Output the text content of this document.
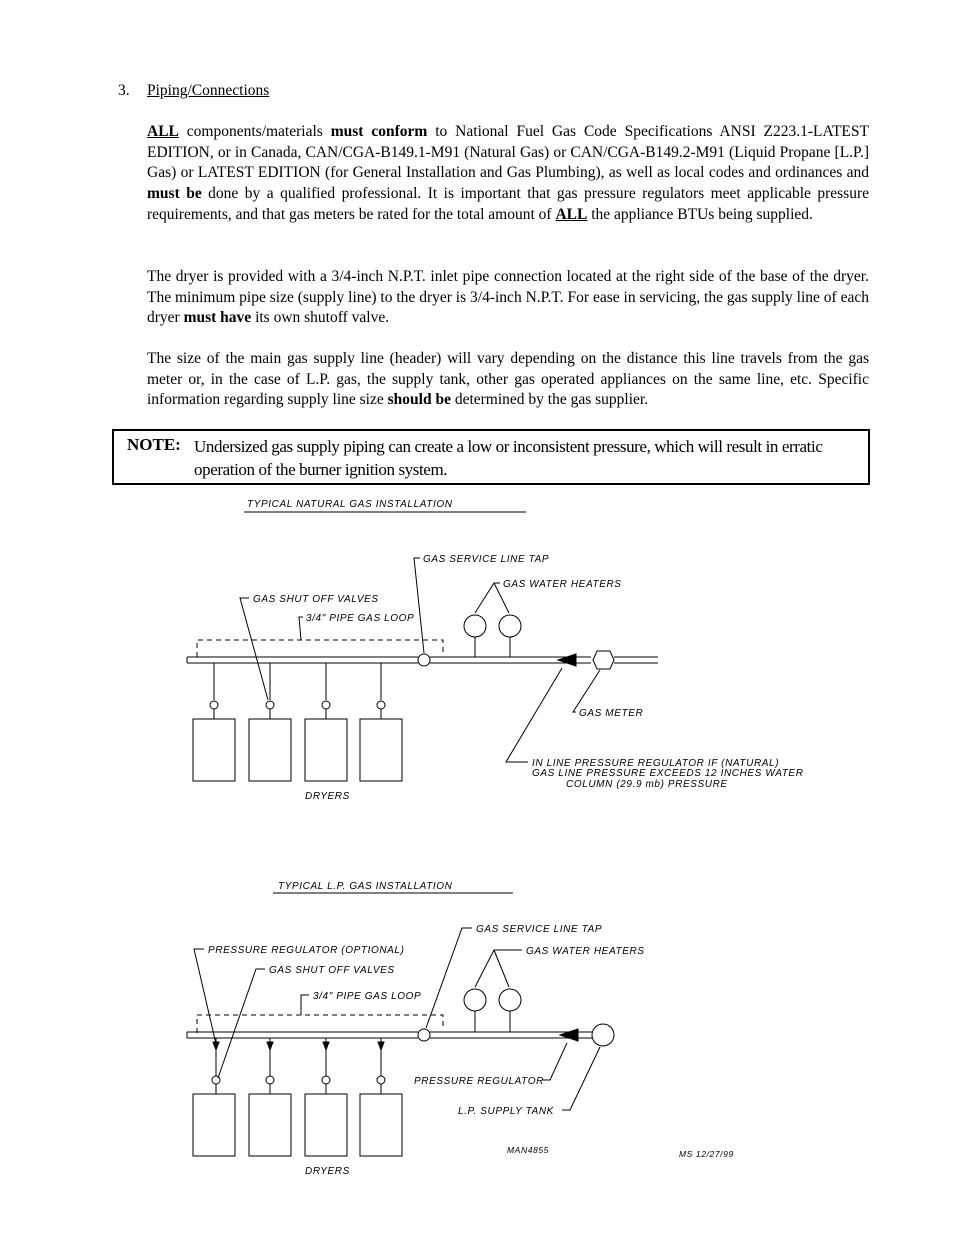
3. Piping/Connections

ALL components/materials must conform to National Fuel Gas Code Specifications ANSI Z223.1-LATEST EDITION, or in Canada, CAN/CGA-B149.1-M91 (Natural Gas) or CAN/CGA-B149.2-M91 (Liquid Propane [L.P.] Gas) or LATEST EDITION (for General Installation and Gas Plumbing), as well as local codes and ordinances and must be done by a qualified professional. It is important that gas pressure regulators meet applicable pressure requirements, and that gas meters be rated for the total amount of ALL the appliance BTUs being supplied.

The dryer is provided with a 3/4-inch N.P.T. inlet pipe connection located at the right side of the base of the dryer. The minimum pipe size (supply line) to the dryer is 3/4-inch N.P.T. For ease in servicing, the gas supply line of each dryer must have its own shutoff valve.

The size of the main gas supply line (header) will vary depending on the distance this line travels from the gas meter or, in the case of L.P. gas, the supply tank, other gas operated appliances on the same line, etc. Specific information regarding supply line size should be determined by the gas supplier.

NOTE: Undersized gas supply piping can create a low or inconsistent pressure, which will result in erratic operation of the burner ignition system.
TYPICAL NATURAL GAS INSTALLATION
GAS SERVICE LINE TAP
GAS WATER HEATERS
GAS SHUT OFF VALVES
3/4" PIPE GAS LOOP
GAS METER
IN LINE PRESSURE REGULATOR IF (NATURAL)
GAS LINE PRESSURE EXCEEDS 12 INCHES WATER
COLUMN (29.9 mb) PRESSURE
DRYERS
TYPICAL L.P. GAS INSTALLATION
GAS SERVICE LINE TAP
GAS WATER HEATERS
PRESSURE REGULATOR (OPTIONAL)
GAS SHUT OFF VALVES
3/4" PIPE GAS LOOP
PRESSURE REGULATOR
L.P. SUPPLY TANK
DRYERS
MAN4855	MS 12/27/99
